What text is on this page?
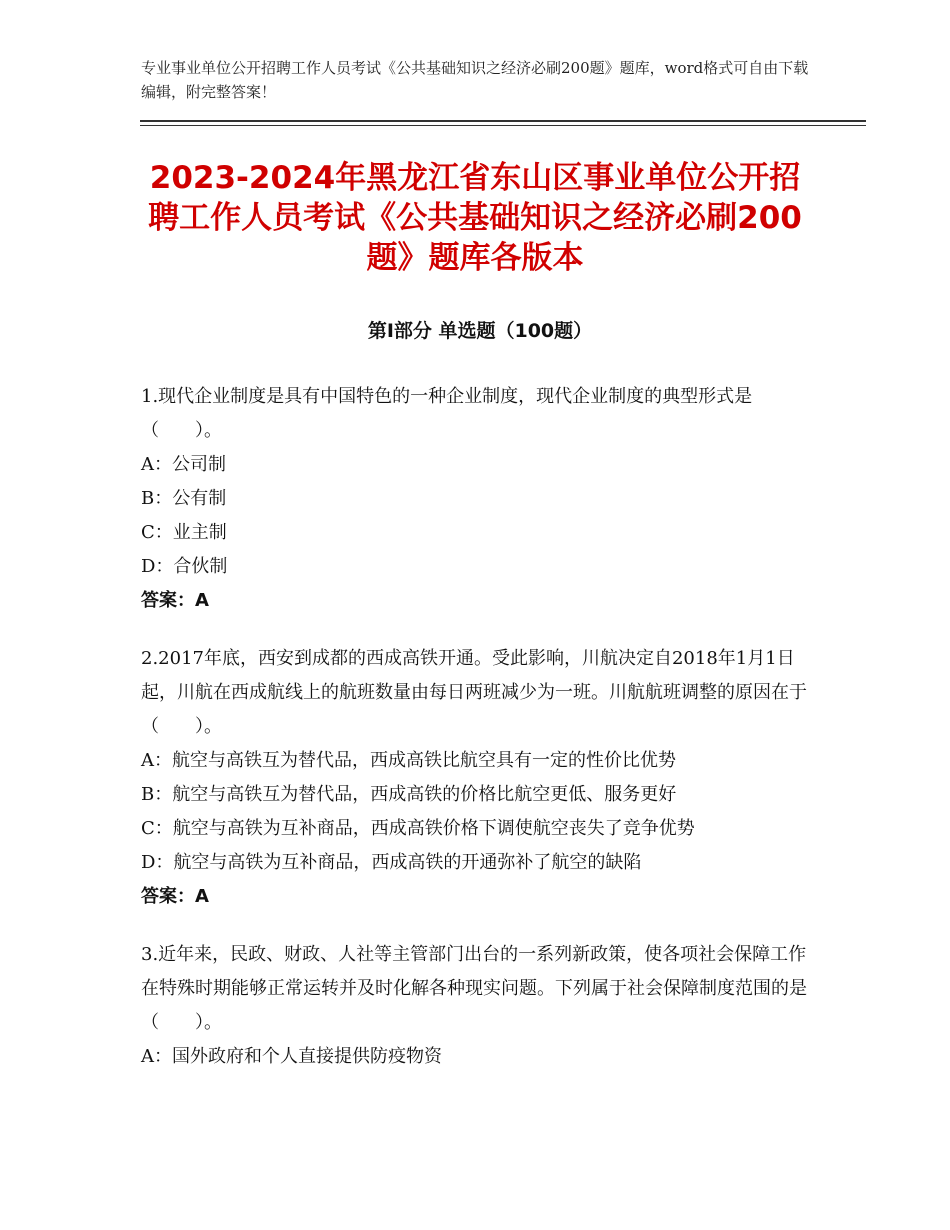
专业事业单位公开招聘工作人员考试《公共基础知识之经济必刷200题》题库，word格式可自由下载编辑，附完整答案！
2023-2024年黑龙江省东山区事业单位公开招聘工作人员考试《公共基础知识之经济必刷200题》题库各版本
第I部分 单选题（100题）
1.现代企业制度是具有中国特色的一种企业制度，现代企业制度的典型形式是（　　）。
A：公司制
B：公有制
C：业主制
D：合伙制
答案：A
2.2017年底，西安到成都的西成高铁开通。受此影响，川航决定自2018年1月1日起，川航在西成航线上的航班数量由每日两班减少为一班。川航航班调整的原因在于（　　）。
A：航空与高铁互为替代品，西成高铁比航空具有一定的性价比优势
B：航空与高铁互为替代品，西成高铁的价格比航空更低、服务更好
C：航空与高铁为互补商品，西成高铁价格下调使航空丧失了竞争优势
D：航空与高铁为互补商品，西成高铁的开通弥补了航空的缺陷
答案：A
3.近年来，民政、财政、人社等主管部门出台的一系列新政策，使各项社会保障工作在特殊时期能够正常运转并及时化解各种现实问题。下列属于社会保障制度范围的是（　　）。
A：国外政府和个人直接提供防疫物资
